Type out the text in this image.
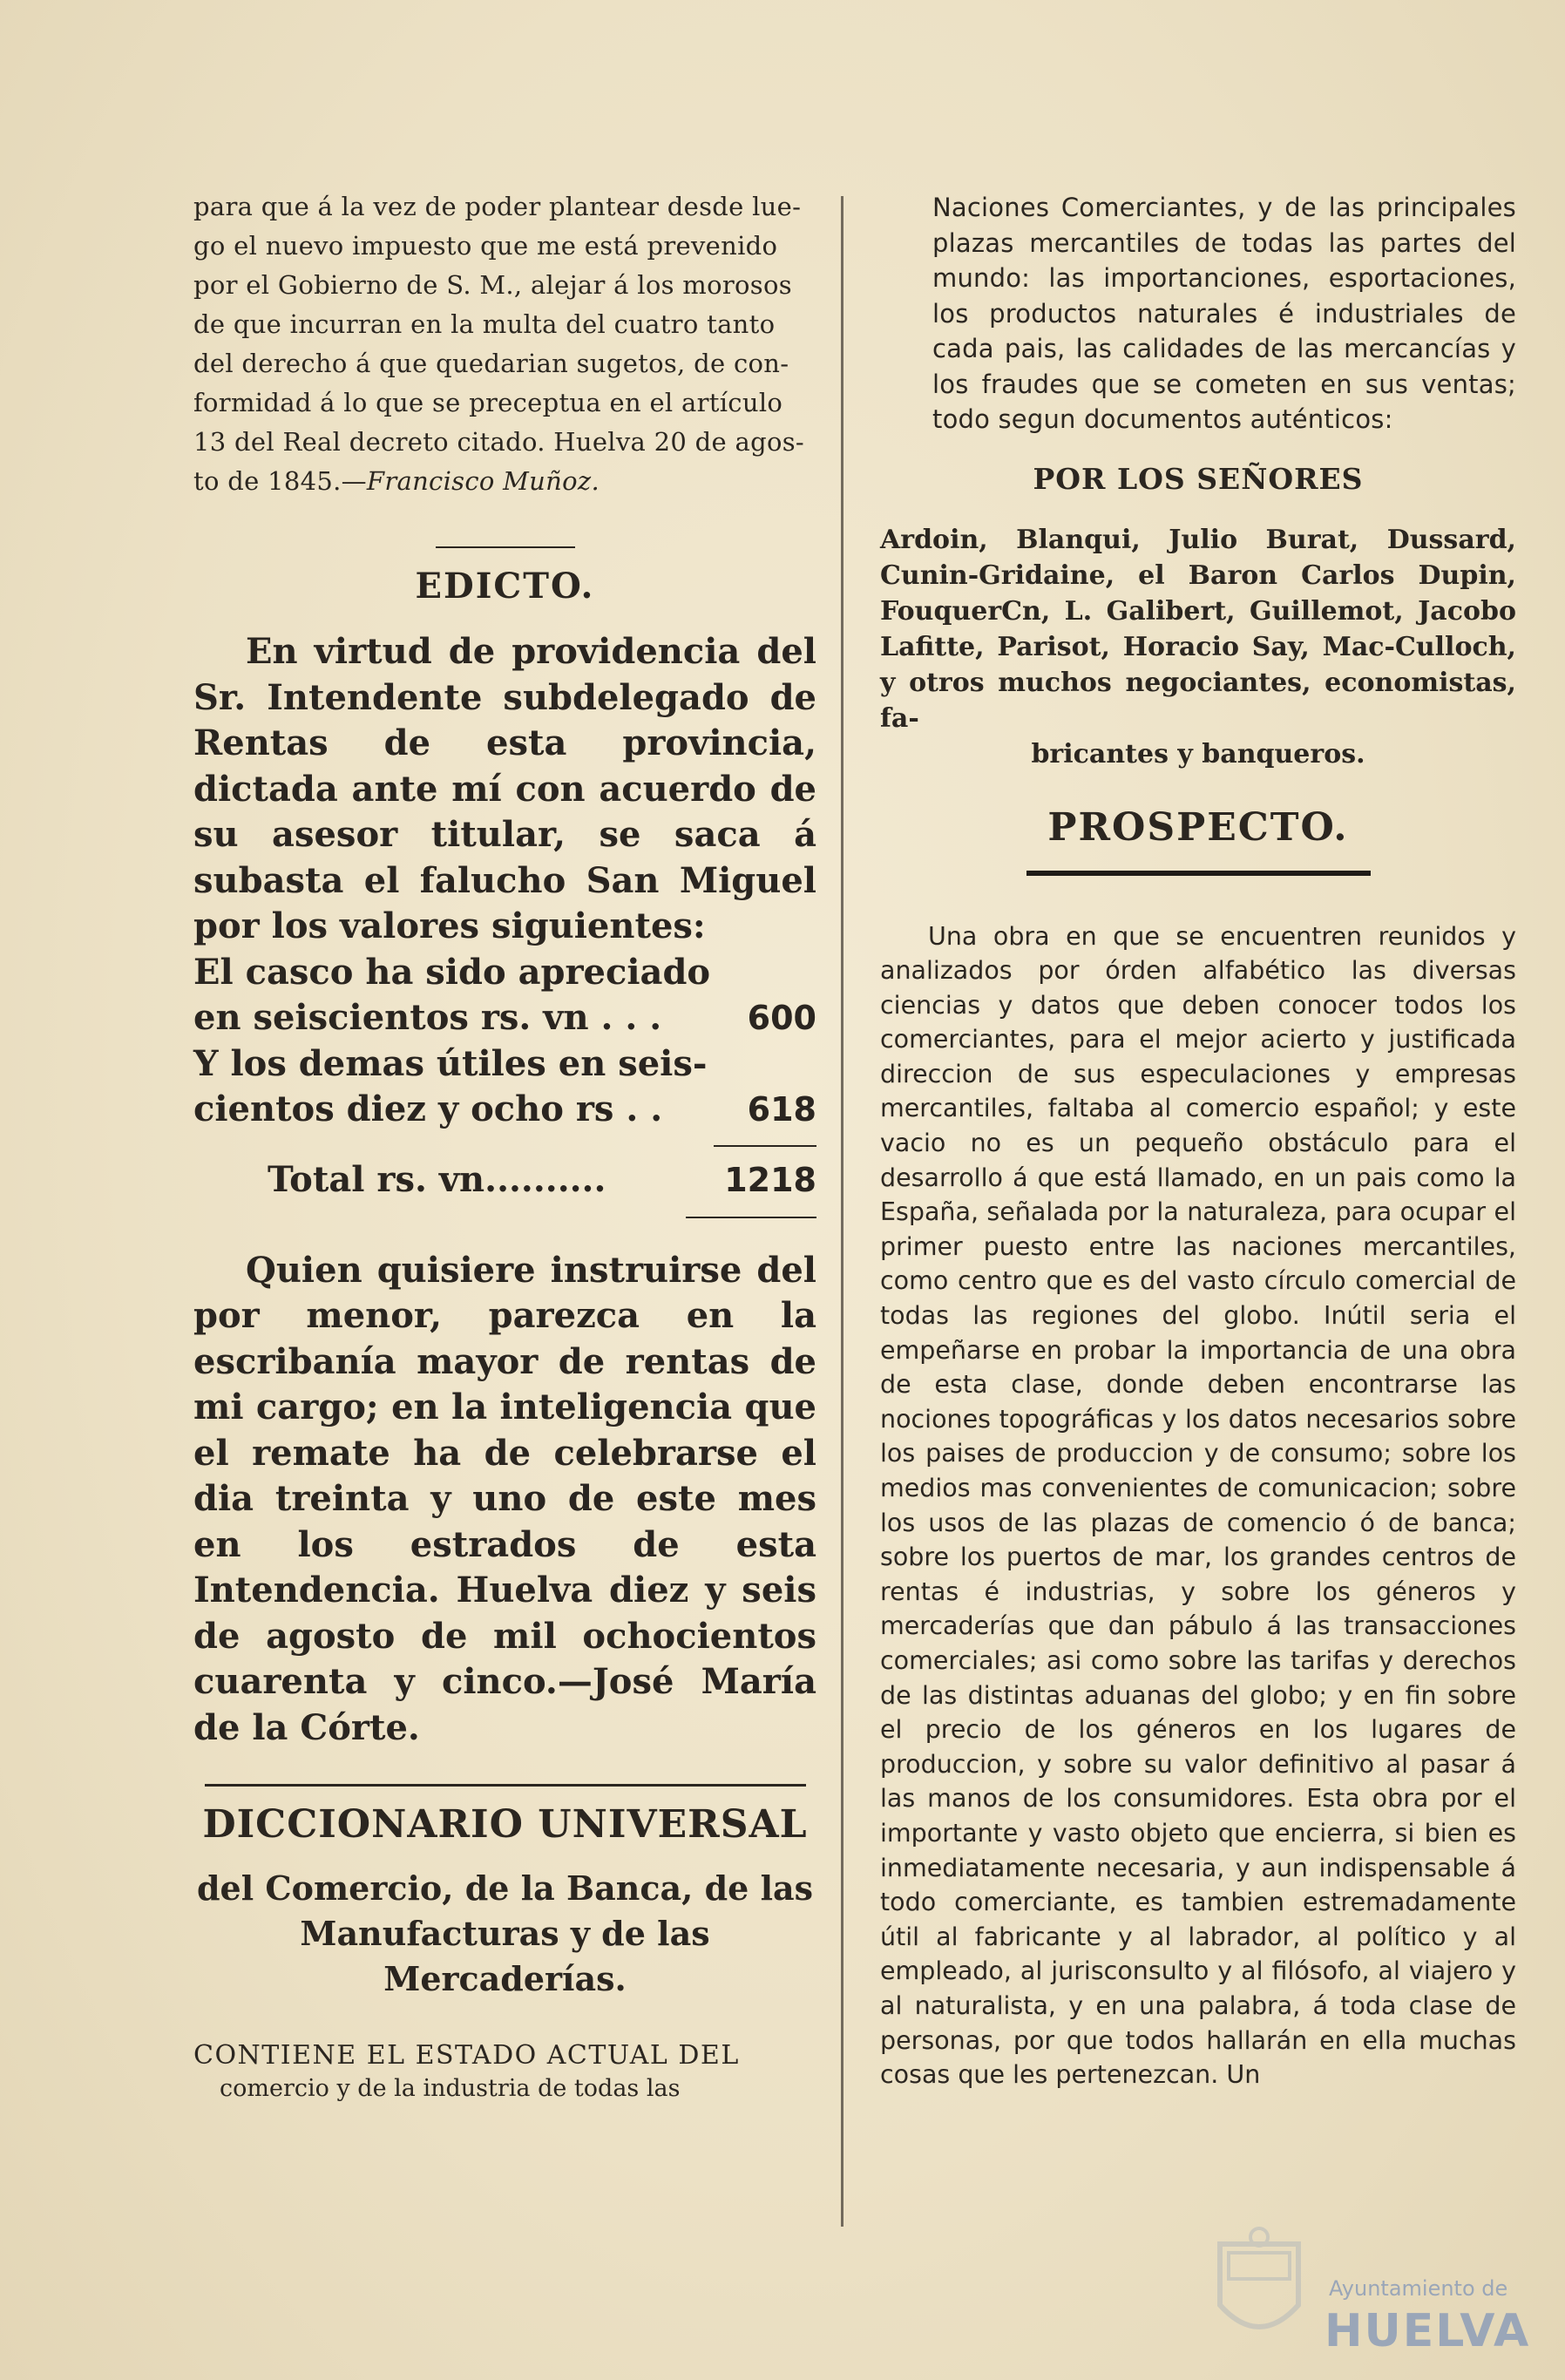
para que á la vez de poder plantear desde lue-

go el nuevo impuesto que me está prevenido

por el Gobierno de S. M., alejar á los morosos

de que incurran en la multa del cuatro tanto

del derecho á que quedarian sugetos, de con-

formidad á lo que se preceptua en el artículo

13 del Real decreto citado. Huelva 20 de agos-

to de 1845.—Francisco Muñoz.

EDICTO.

En virtud de providencia del Sr. Intendente subdelegado de Rentas de esta provincia, dictada ante mí con acuerdo de su asesor titular, se saca á subasta el falucho San Miguel por los valores siguientes:

El casco ha sido apreciado
en seiscientos rs. vn . . .	600
Y los demas útiles en seis-
cientos diez y ocho rs . .	618
Total rs. vn..........	1218

Quien quisiere instruirse del por menor, parezca en la escribanía mayor de rentas de mi cargo; en la inteligencia que el remate ha de celebrarse el dia treinta y uno de este mes en los estrados de esta Intendencia. Huelva diez y seis de agosto de mil ochocientos cuarenta y cinco.—José María de la Córte.

DICCIONARIO UNIVERSAL

del Comercio, de la Banca, de las Manufacturas y de las Mercaderías.

CONTIENE EL ESTADO ACTUAL DEL

comercio y de la industria de todas las

Naciones Comerciantes, y de las principales plazas mercantiles de todas las partes del mundo: las importanciones, esportaciones, los productos naturales é industriales de cada pais, las calidades de las mercancías y los fraudes que se cometen en sus ventas; todo segun documentos auténticos:

POR LOS SEÑORES

Ardoin, Blanqui, Julio Burat, Dussard, Cunin-Gridaine, el Baron Carlos Dupin, FouquerCn, L. Galibert, Guillemot, Jacobo Lafitte, Parisot, Horacio Say, Mac-Culloch, y otros muchos negociantes, economistas, fa-
bricantes y banqueros.

PROSPECTO.

Una obra en que se encuentren reunidos y analizados por órden alfabético las diversas ciencias y datos que deben conocer todos los comerciantes, para el mejor acierto y justificada direccion de sus especulaciones y empresas mercantiles, faltaba al comercio español; y este vacio no es un pequeño obstáculo para el desarrollo á que está llamado, en un pais como la España, señalada por la naturaleza, para ocupar el primer puesto entre las naciones mercantiles, como centro que es del vasto círculo comercial de todas las regiones del globo. Inútil seria el empeñarse en probar la importancia de una obra de esta clase, donde deben encontrarse las nociones topográficas y los datos necesarios sobre los paises de produccion y de consumo; sobre los medios mas convenientes de comunicacion; sobre los usos de las plazas de comencio ó de banca; sobre los puertos de mar, los grandes centros de rentas é industrias, y sobre los géneros y mercaderías que dan pábulo á las transacciones comerciales; asi como sobre las tarifas y derechos de las distintas aduanas del globo; y en fin sobre el precio de los géneros en los lugares de produccion, y sobre su valor definitivo al pasar á las manos de los consumidores. Esta obra por el importante y vasto objeto que encierra, si bien es inmediatamente necesaria, y aun indispensable á todo comerciante, es tambien estremadamente útil al fabricante y al labrador, al político y al empleado, al jurisconsulto y al filósofo, al viajero y al naturalista, y en una palabra, á toda clase de personas, por que todos hallarán en ella muchas cosas que les pertenezcan. Un

Ayuntamiento de
HUELVA
